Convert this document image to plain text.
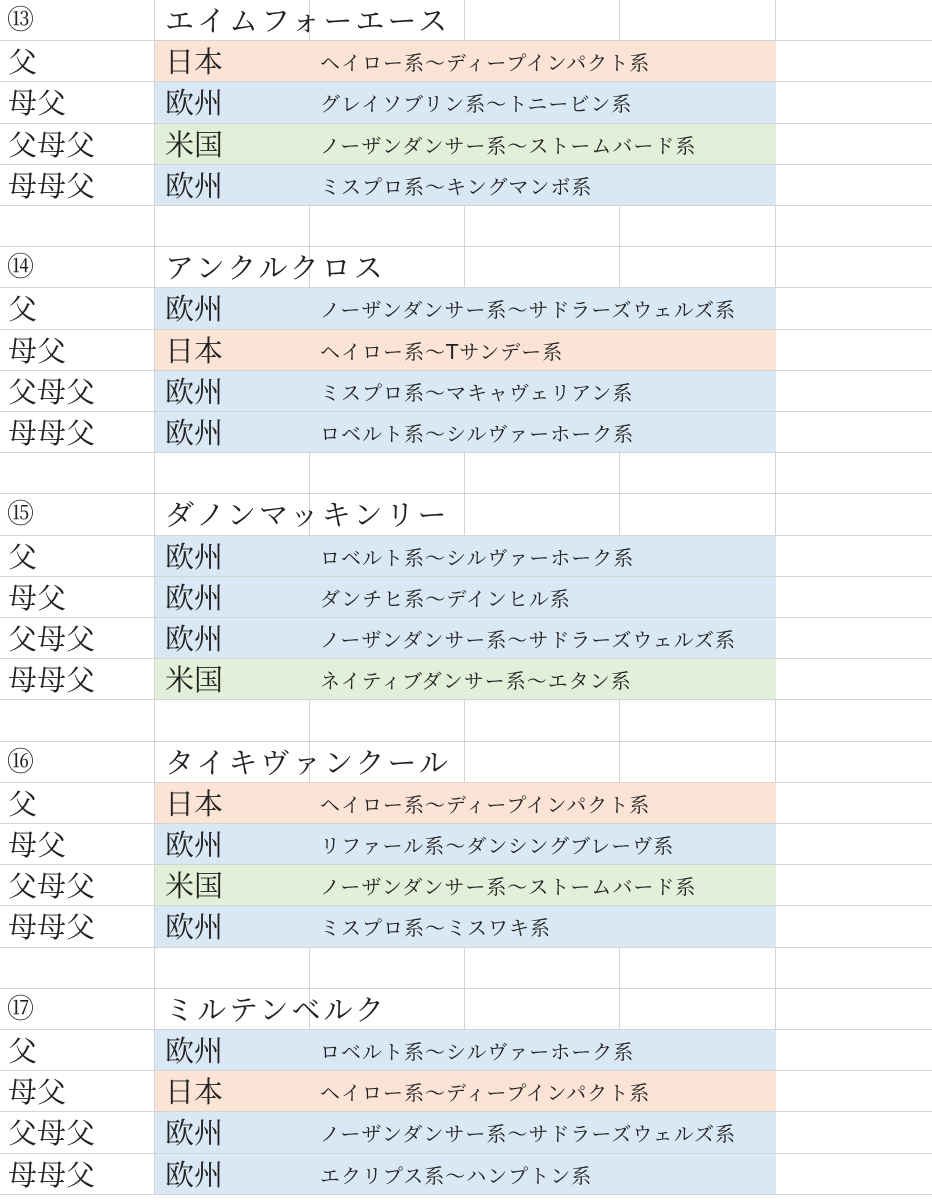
⑬	エイムフォーエース
父	日本	ヘイロー系～ディープインパクト系
母父	欧州	グレイソブリン系～トニービン系
父母父 米国	ノーザンダンサー系～ストームバード系
母母父 欧州	ミスプロ系～キングマンボ系
⑭	アンクルクロス
父	欧州	ノーザンダンサー系～サドラーズウェルズ系
母父	日本	ヘイロー系～Tサンデー系
父母父 欧州	ミスプロ系～マキャヴェリアン系
母母父 欧州	ロベルト系～シルヴァーホーク系
⑮	ダノンマッキンリー
父	欧州	ロベルト系～シルヴァーホーク系
母父	欧州	ダンチヒ系～デインヒル系
父母父 欧州	ノーザンダンサー系～サドラーズウェルズ系
母母父 米国	ネイティブダンサー系～エタン系
⑯	タイキヴァンクール
父	日本	ヘイロー系～ディープインパクト系
母父	欧州	リファール系～ダンシングブレーヴ系
父母父 米国	ノーザンダンサー系～ストームバード系
母母父 欧州	ミスプロ系～ミスワキ系
⑰	ミルテンベルク
父	欧州	ロベルト系～シルヴァーホーク系
母父	日本	ヘイロー系～ディープインパクト系
父母父 欧州	ノーザンダンサー系～サドラーズウェルズ系
母母父 欧州	エクリプス系～ハンプトン系
